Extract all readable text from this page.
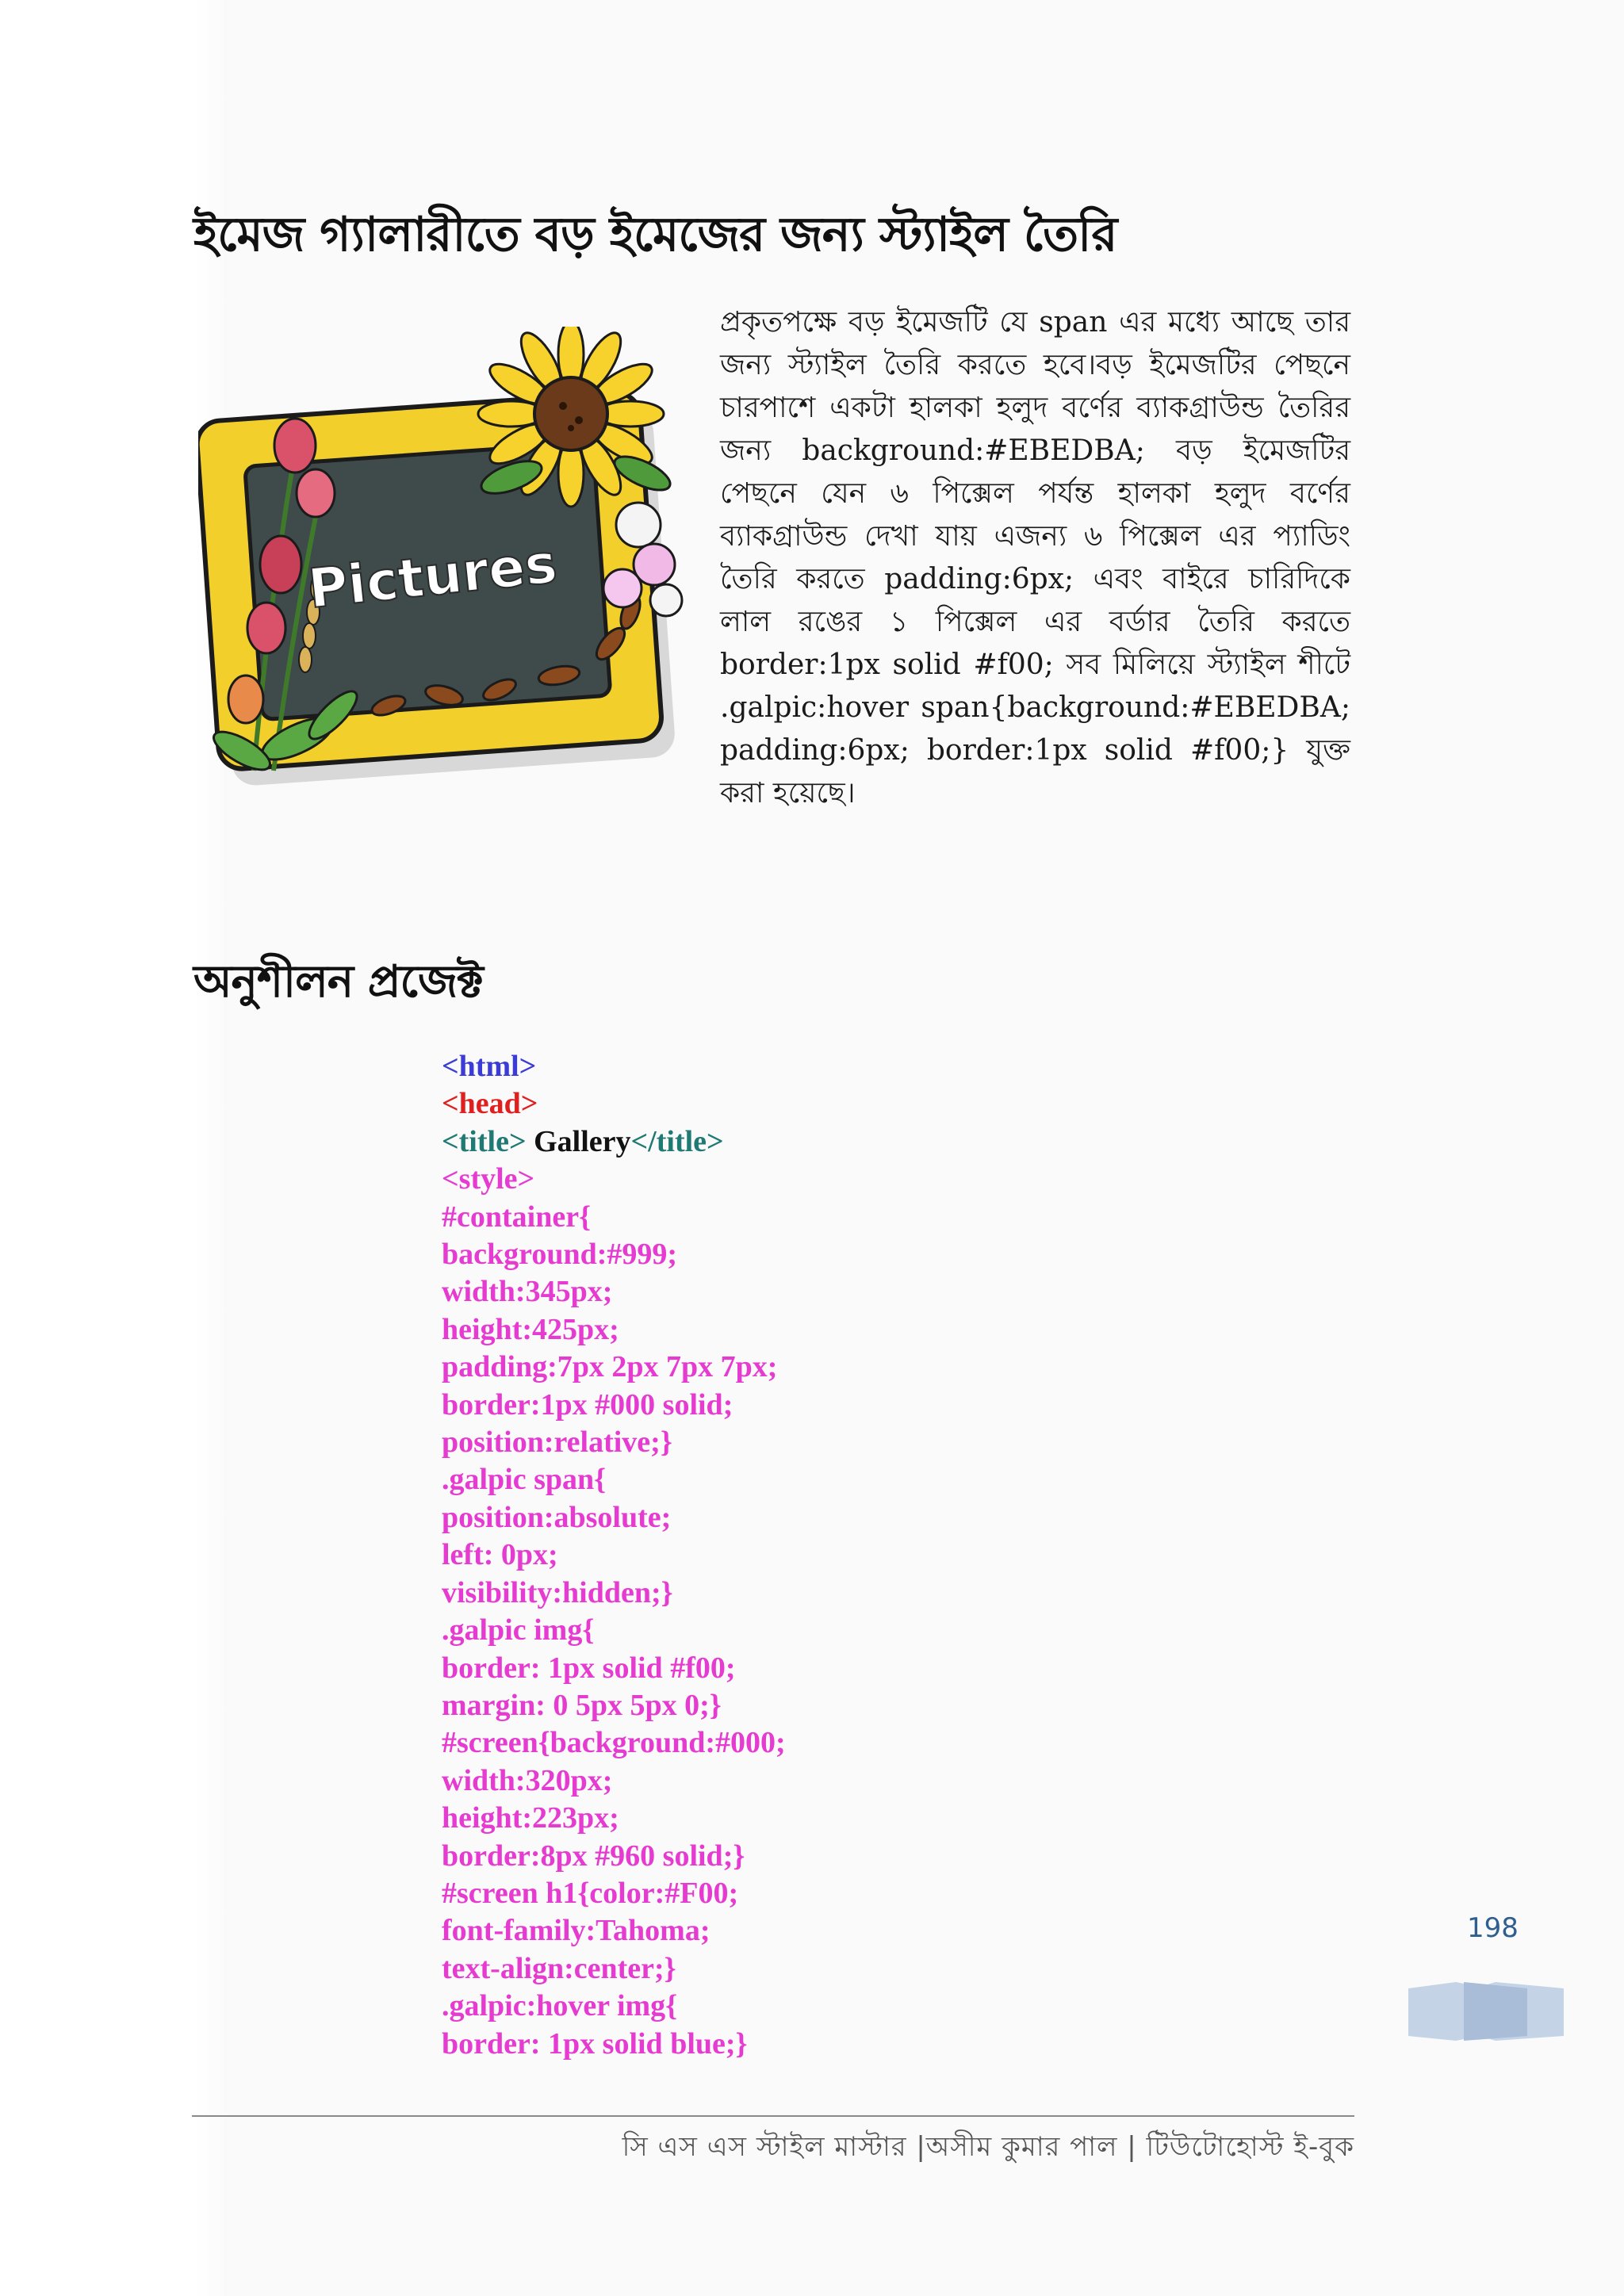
ইমেজ গ্যালারীতে বড় ইমেজের জন্য স্ট্যাইল তৈরি
Pictures

প্রকৃতপক্ষে বড় ইমেজটি যে span এর মধ্যে আছে তার জন্য স্ট্যাইল তৈরি করতে হবে।বড় ইমেজটির পেছনে চারপাশে একটা হালকা হলুদ বর্ণের ব্যাকগ্রাউন্ড তৈরির জন্য background:#EBEDBA; বড় ইমেজটির পেছনে যেন ৬ পিক্সেল পর্যন্ত হালকা হলুদ বর্ণের ব্যাকগ্রাউন্ড দেখা যায় এজন্য ৬ পিক্সেল এর প্যাডিং তৈরি করতে padding:6px; এবং বাইরে চারিদিকে লাল রঙের ১ পিক্সেল এর বর্ডার তৈরি করতে border:1px solid #f00; সব মিলিয়ে স্ট্যাইল শীটে .galpic:hover span{background:#EBEDBA; padding:6px; border:1px solid #f00;} যুক্ত করা হয়েছে।

অনুশীলন প্রজেক্ট
<html>
<head>
<title> Gallery</title>
<style>
#container{
background:#999;
width:345px;
height:425px;
padding:7px 2px 7px 7px;
border:1px #000 solid;
position:relative;}
.galpic span{
position:absolute;
left: 0px;
visibility:hidden;}
.galpic img{
border: 1px solid #f00;
margin: 0 5px 5px 0;}
#screen{background:#000;
width:320px;
height:223px;
border:8px #960 solid;}
#screen h1{color:#F00;
font-family:Tahoma;
text-align:center;}
.galpic:hover img{
border: 1px solid blue;}
198

সি এস এস স্টাইল মাস্টার |অসীম কুমার পাল | টিউটোহোস্ট ই-বুক
